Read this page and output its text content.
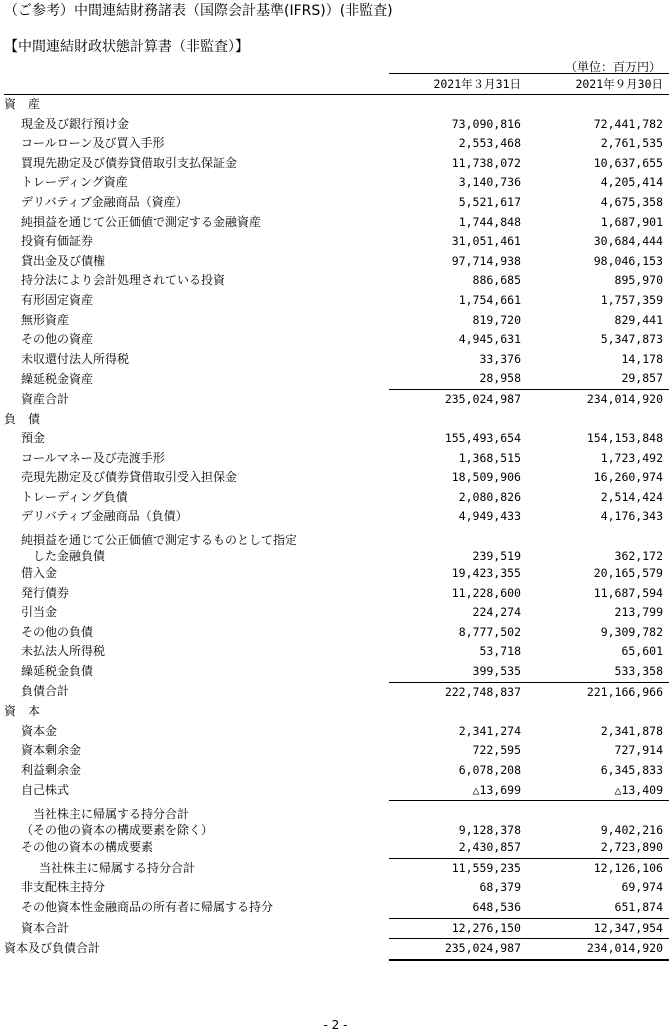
（ご参考）中間連結財務諸表（国際会計基準(IFRS)）(非監査)
【中間連結財政状態計算書（非監査）】
（単位：百万円）
	2021年３月31日	2021年９月30日
資　産		
現金及び銀行預け金	73,090,816	72,441,782
コールローン及び買入手形	2,553,468	2,761,535
買現先勘定及び債券貸借取引支払保証金	11,738,072	10,637,655
トレーディング資産	3,140,736	4,205,414
デリバティブ金融商品（資産）	5,521,617	4,675,358
純損益を通じて公正価値で測定する金融資産	1,744,848	1,687,901
投資有価証券	31,051,461	30,684,444
貸出金及び債権	97,714,938	98,046,153
持分法により会計処理されている投資	886,685	895,970
有形固定資産	1,754,661	1,757,359
無形資産	819,720	829,441
その他の資産	4,945,631	5,347,873
未収還付法人所得税	33,376	14,178
繰延税金資産	28,958	29,857
資産合計	235,024,987	234,014,920
負　債		
預金	155,493,654	154,153,848
コールマネー及び売渡手形	1,368,515	1,723,492
売現先勘定及び債券貸借取引受入担保金	18,509,906	16,260,974
トレーディング負債	2,080,826	2,514,424
デリバティブ金融商品（負債）	4,949,433	4,176,343
純損益を通じて公正価値で測定するものとして指定
　した金融負債	239,519	362,172
借入金	19,423,355	20,165,579
発行債券	11,228,600	11,687,594
引当金	224,274	213,799
その他の負債	8,777,502	9,309,782
未払法人所得税	53,718	65,601
繰延税金負債	399,535	533,358
負債合計	222,748,837	221,166,966
資　本		
資本金	2,341,274	2,341,878
資本剰余金	722,595	727,914
利益剰余金	6,078,208	6,345,833
自己株式	△13,699	△13,409
　当社株主に帰属する持分合計
（その他の資本の構成要素を除く）	9,128,378	9,402,216
その他の資本の構成要素	2,430,857	2,723,890
当社株主に帰属する持分合計	11,559,235	12,126,106
非支配株主持分	68,379	69,974
その他資本性金融商品の所有者に帰属する持分	648,536	651,874
資本合計	12,276,150	12,347,954
資本及び負債合計	235,024,987	234,014,920
- 2 -
